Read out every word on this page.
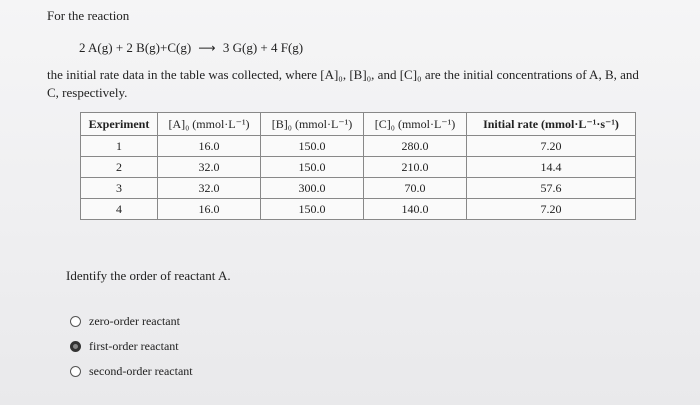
For the reaction
2 A(g) + 2 B(g)+C(g) ⟶ 3 G(g) + 4 F(g)
the initial rate data in the table was collected, where [A]₀, [B]₀, and [C]₀ are the initial concentrations of A, B, and
C, respectively.
Experiment	[A]₀ (mmol·L⁻¹)	[B]₀ (mmol·L⁻¹)	[C]₀ (mmol·L⁻¹)	Initial rate (mmol·L⁻¹·s⁻¹)
1	16.0	150.0	280.0	7.20
2	32.0	150.0	210.0	14.4
3	32.0	300.0	70.0	57.6
4	16.0	150.0	140.0	7.20
Identify the order of reactant A.
zero-order reactant
first-order reactant
second-order reactant
